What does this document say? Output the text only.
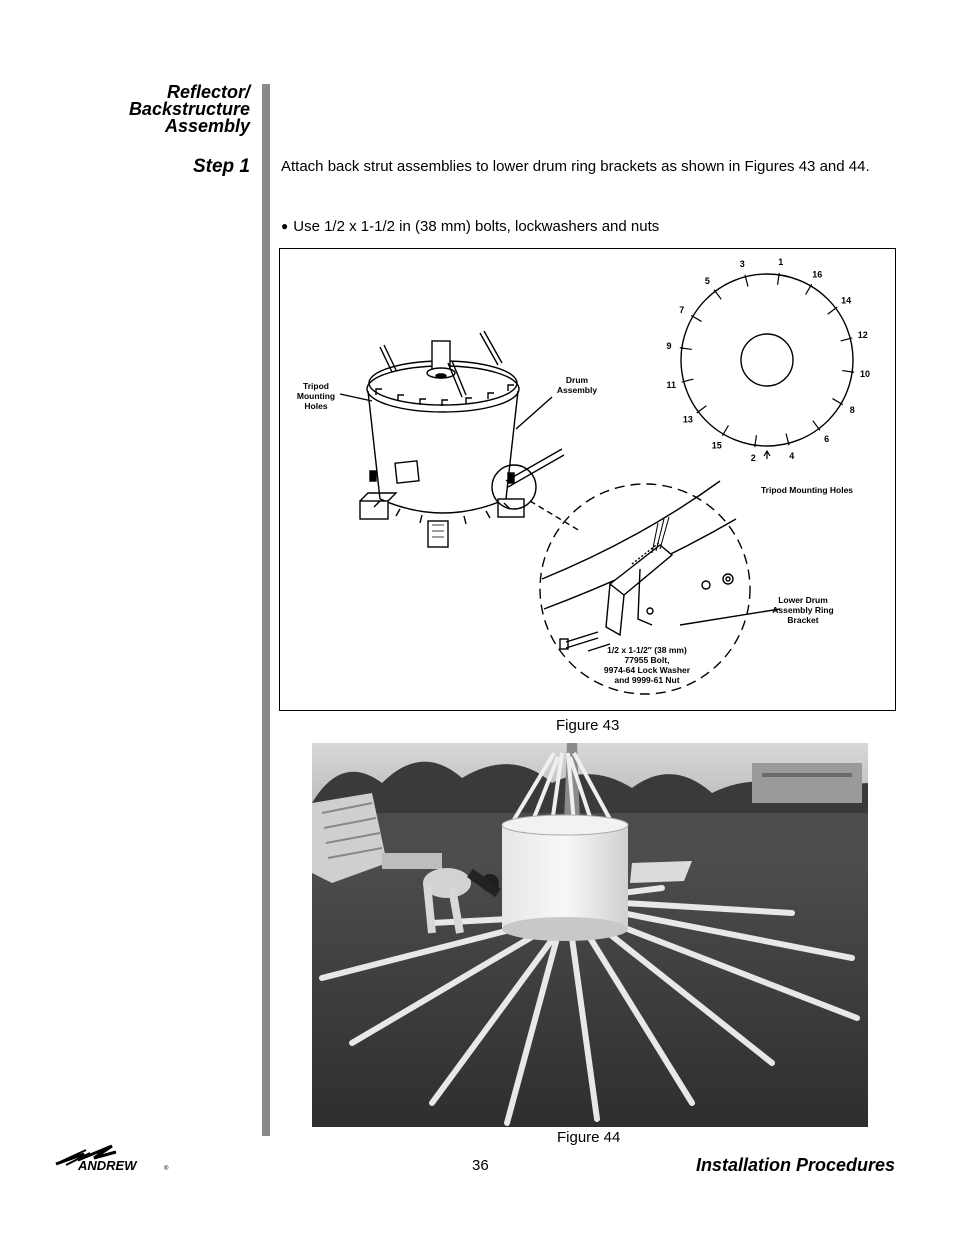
Reflector/
Backstructure
Assembly
Step 1 Attach back strut assemblies to lower drum ring brackets as shown in Figures 43 and 44.
● Use 1/2 x 1-1/2 in (38 mm) bolts, lockwashers and nuts
Tripod
Mounting
Holes
Drum
Assembly
1
16
14
12
10
8
6
4
2
15
13
11
9
7
5
3
Tripod Mounting Holes
Lower Drum
Assembly Ring
Bracket
1/2 x 1-1/2″ (38 mm)
77955 Bolt,
9974-64 Lock Washer
and 9999-61 Nut
Figure 43
Figure 44
ANDREW	®	36	Installation Procedures
